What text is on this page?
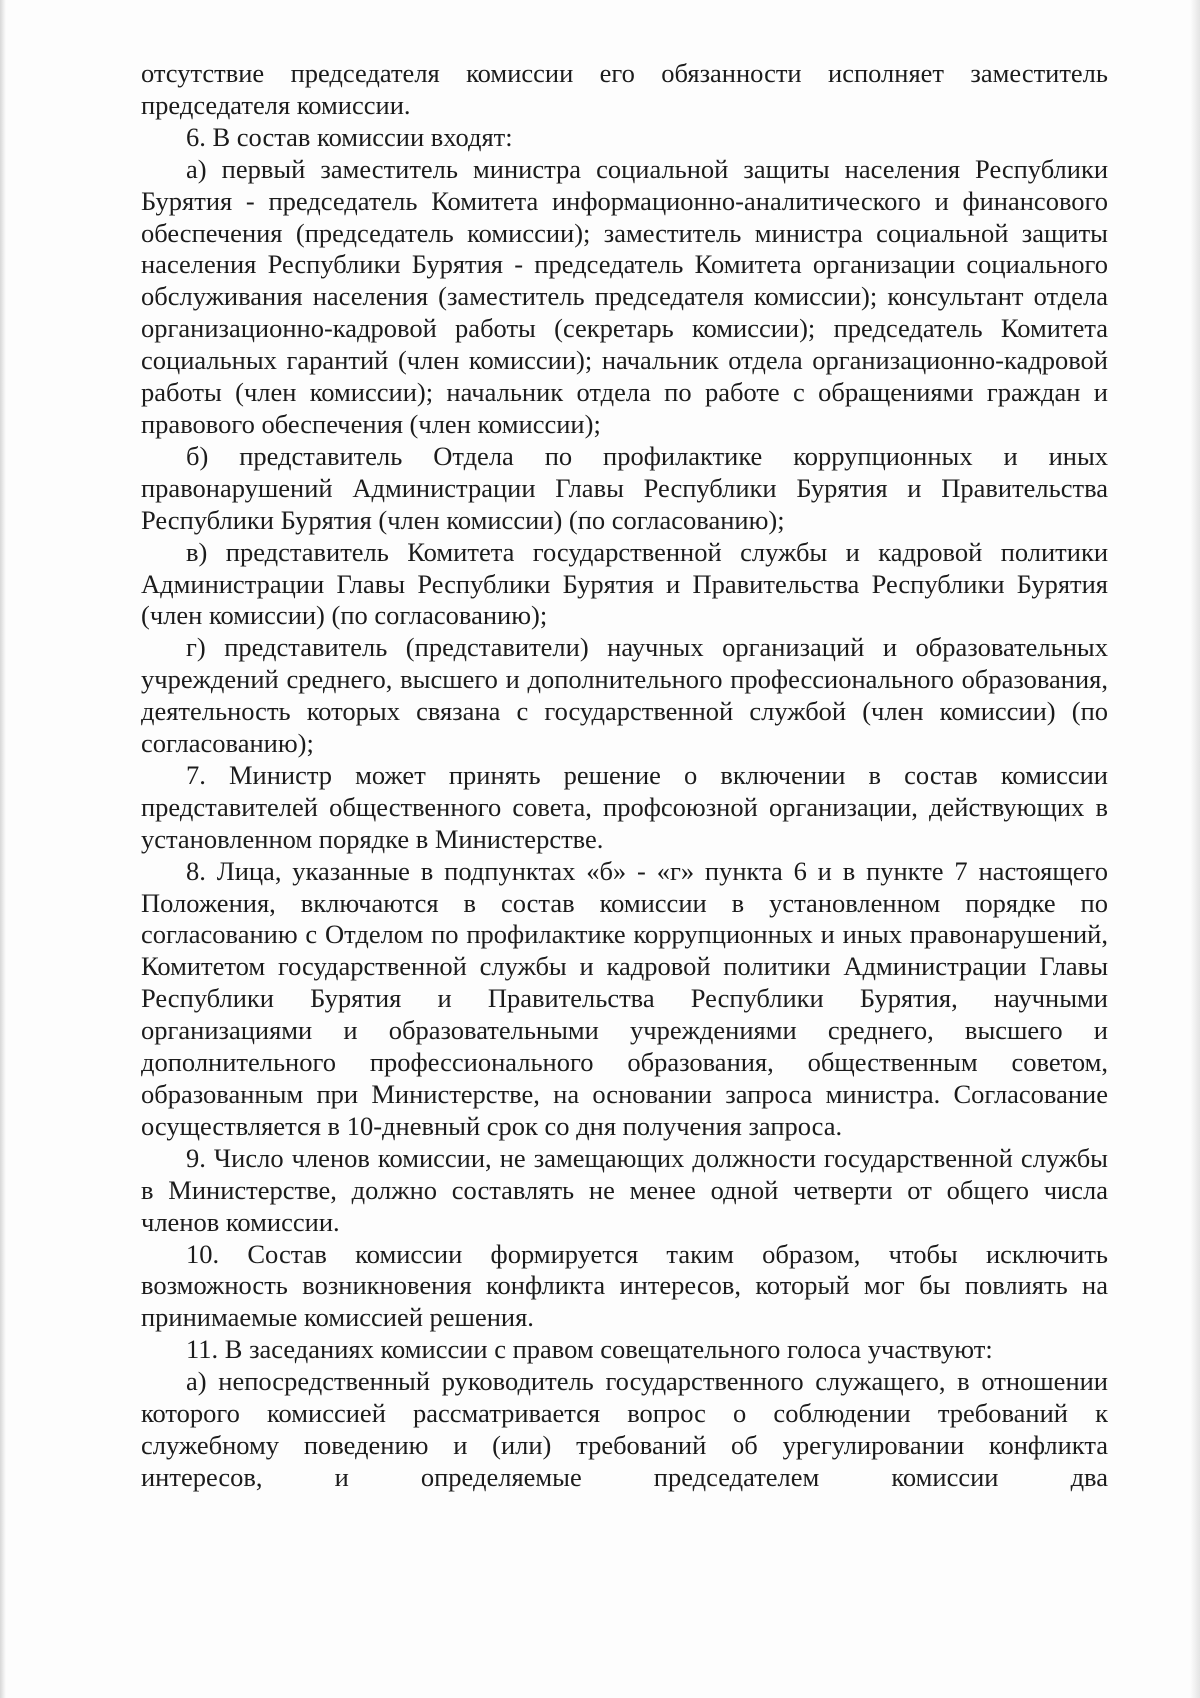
отсутствие председателя комиссии его обязанности исполняет заместитель председателя комиссии.

6. В состав комиссии входят:

а) первый заместитель министра социальной защиты населения Республики Бурятия - председатель Комитета информационно-аналитического и финансового обеспечения (председатель комиссии); заместитель министра социальной защиты населения Республики Бурятия - председатель Комитета организации социального обслуживания населения (заместитель председателя комиссии); консультант отдела организационно-кадровой работы (секретарь комиссии); председатель Комитета социальных гарантий (член комиссии); начальник отдела организационно-кадровой работы (член комиссии); начальник отдела по работе с обращениями граждан и правового обеспечения (член комиссии);

б) представитель Отдела по профилактике коррупционных и иных правонарушений Администрации Главы Республики Бурятия и Правительства Республики Бурятия (член комиссии) (по согласованию);

в) представитель Комитета государственной службы и кадровой политики Администрации Главы Республики Бурятия и Правительства Республики Бурятия (член комиссии) (по согласованию);

г) представитель (представители) научных организаций и образовательных учреждений среднего, высшего и дополнительного профессионального образования, деятельность которых связана с государственной службой (член комиссии) (по согласованию);

7. Министр может принять решение о включении в состав комиссии представителей общественного совета, профсоюзной организации, действующих в установленном порядке в Министерстве.

8. Лица, указанные в подпунктах «б» - «г» пункта 6 и в пункте 7 настоящего Положения, включаются в состав комиссии в установленном порядке по согласованию с Отделом по профилактике коррупционных и иных правонарушений, Комитетом государственной службы и кадровой политики Администрации Главы Республики Бурятия и Правительства Республики Бурятия, научными организациями и образовательными учреждениями среднего, высшего и дополнительного профессионального образования, общественным советом, образованным при Министерстве, на основании запроса министра. Согласование осуществляется в 10-дневный срок со дня получения запроса.

9. Число членов комиссии, не замещающих должности государственной службы в Министерстве, должно составлять не менее одной четверти от общего числа членов комиссии.

10. Состав комиссии формируется таким образом, чтобы исключить возможность возникновения конфликта интересов, который мог бы повлиять на принимаемые комиссией решения.

11. В заседаниях комиссии с правом совещательного голоса участвуют:

а) непосредственный руководитель государственного служащего, в отношении которого комиссией рассматривается вопрос о соблюдении требований к служебному поведению и (или) требований об урегулировании конфликта интересов, и определяемые председателем комиссии два
